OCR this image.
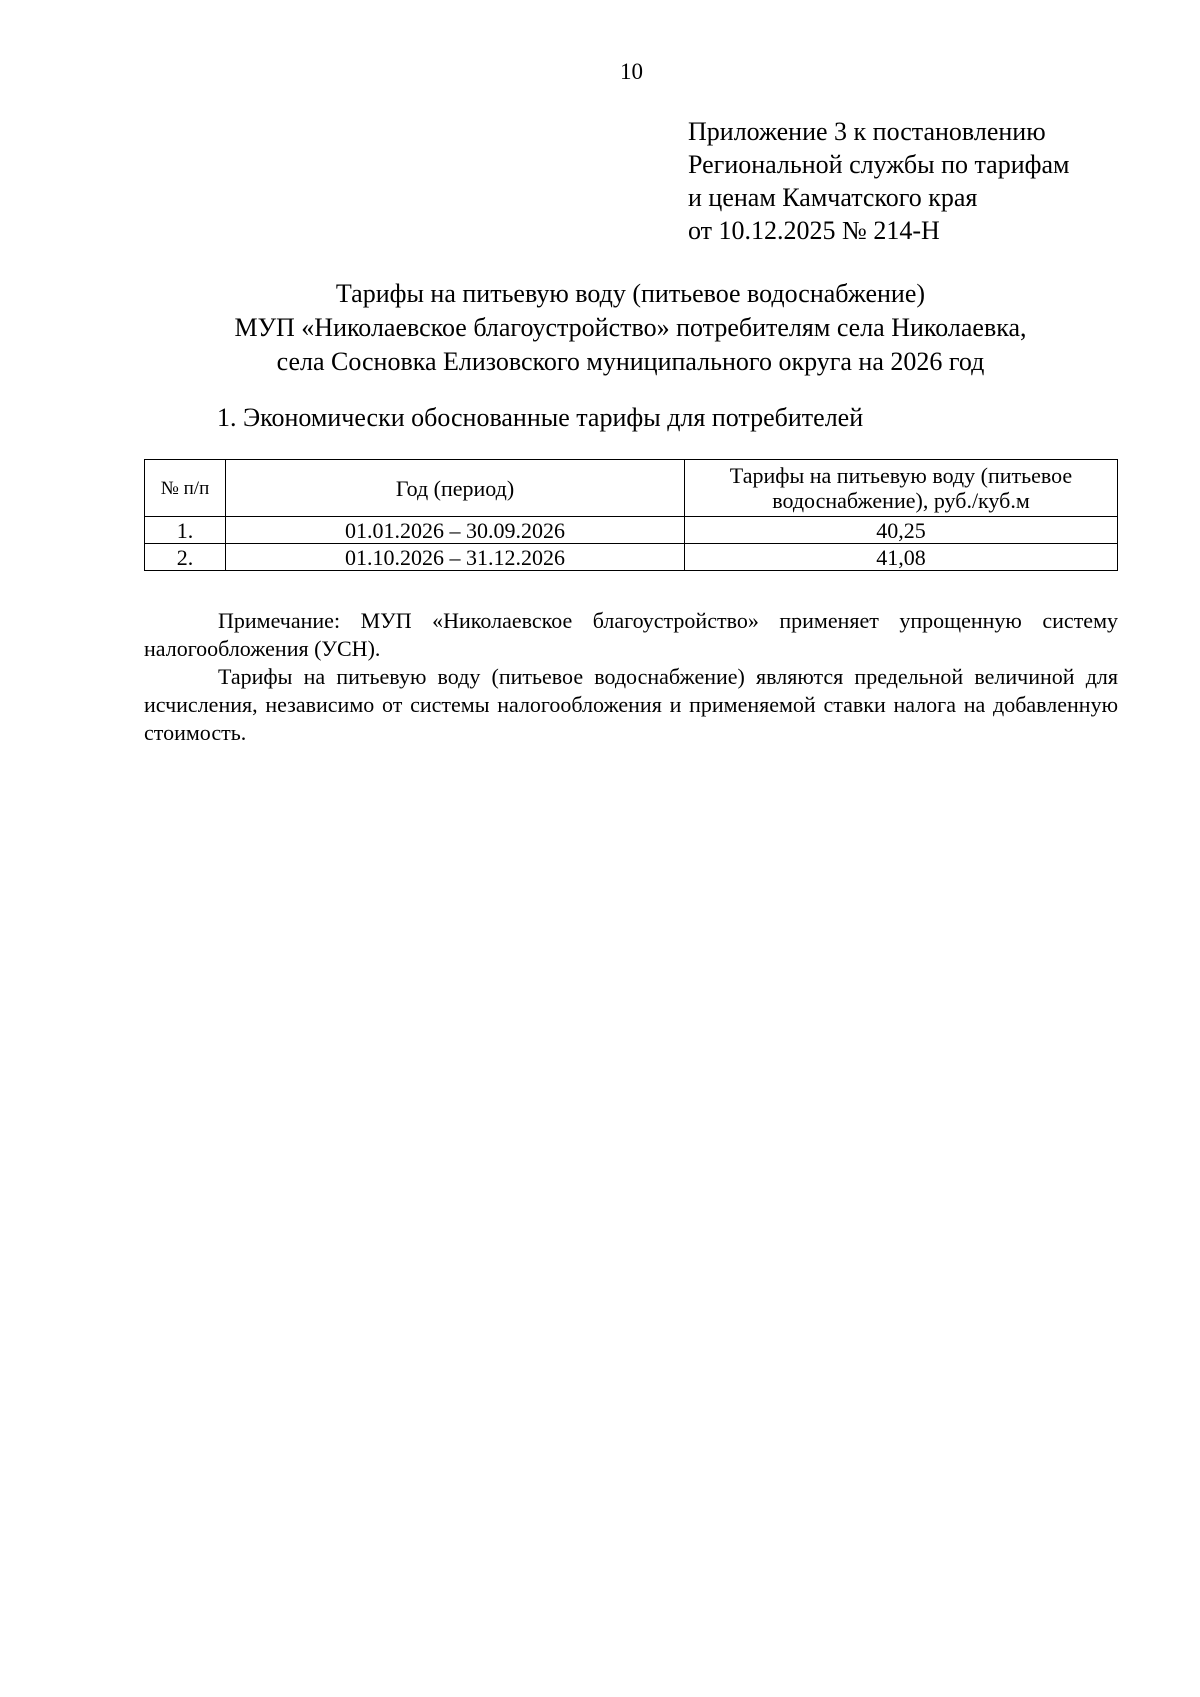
10
Приложение 3 к постановлению
Региональной службы по тарифам
и ценам Камчатского края
от 10.12.2025 № 214-Н
Тарифы на питьевую воду (питьевое водоснабжение)
МУП «Николаевское благоустройство» потребителям села Николаевка,
села Сосновка Елизовского муниципального округа на 2026 год
1. Экономически обоснованные тарифы для потребителей
№ п/п	Год (период)	Тарифы на питьевую воду (питьевое
водоснабжение), руб./куб.м
1.	01.01.2026 – 30.09.2026	40,25
2.	01.10.2026 – 31.12.2026	41,08

Примечание: МУП «Николаевское благоустройство» применяет упрощенную систему налогообложения (УСН).

Тарифы на питьевую воду (питьевое водоснабжение) являются предельной величиной для исчисления, независимо от системы налогообложения и применяемой ставки налога на добавленную стоимость.
